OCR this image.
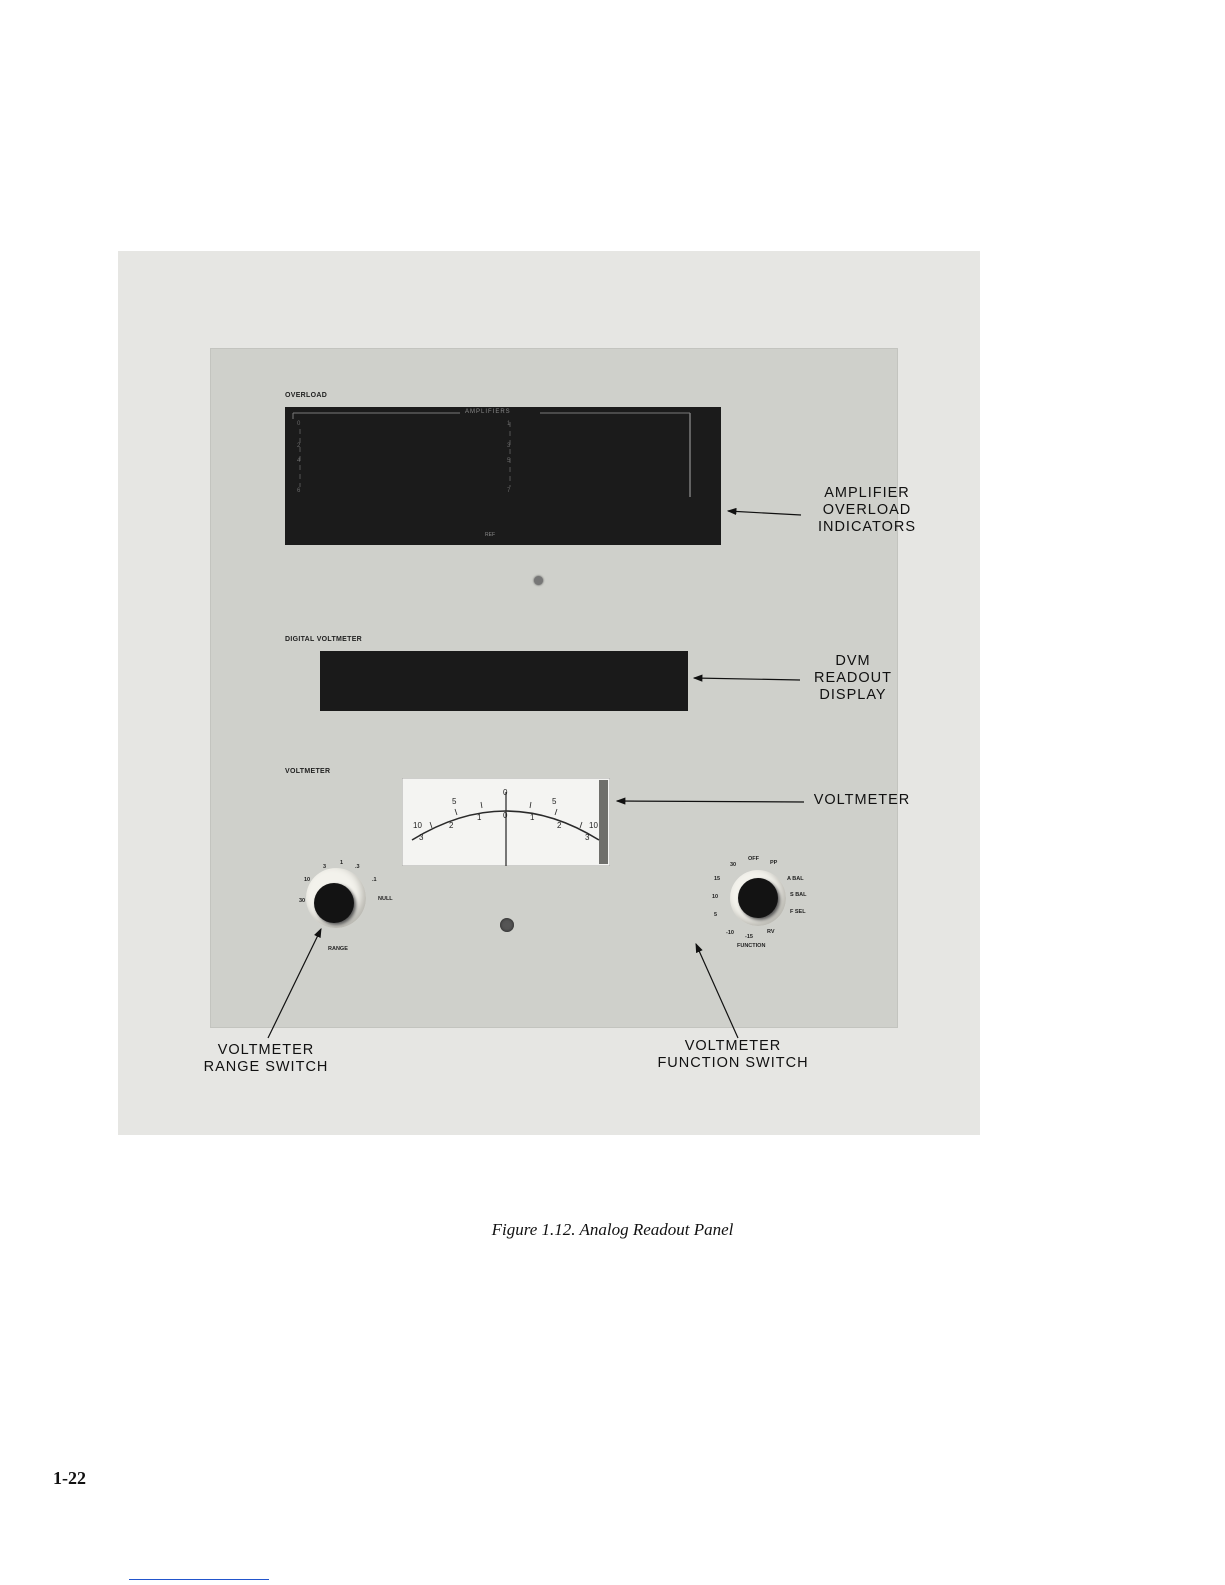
OVERLOAD
0
2
4
6
1
3
5
7
AMPLIFIERS
REF
DIGITAL VOLTMETER
VOLTMETER
10
5
0
5
10
3
2
1	0	1
2
3
30
10
3
1
.3
.1
NULL
RANGE
5
10
15
30
OFF
PP
A BAL
S BAL
F SEL
RV
-15
-10
FUNCTION
AMPLIFIER
OVERLOAD
INDICATORS
DVM
READOUT
DISPLAY
VOLTMETER
VOLTMETER
RANGE SWITCH
VOLTMETER
FUNCTION SWITCH
Figure 1.12. Analog Readout Panel
1-22
